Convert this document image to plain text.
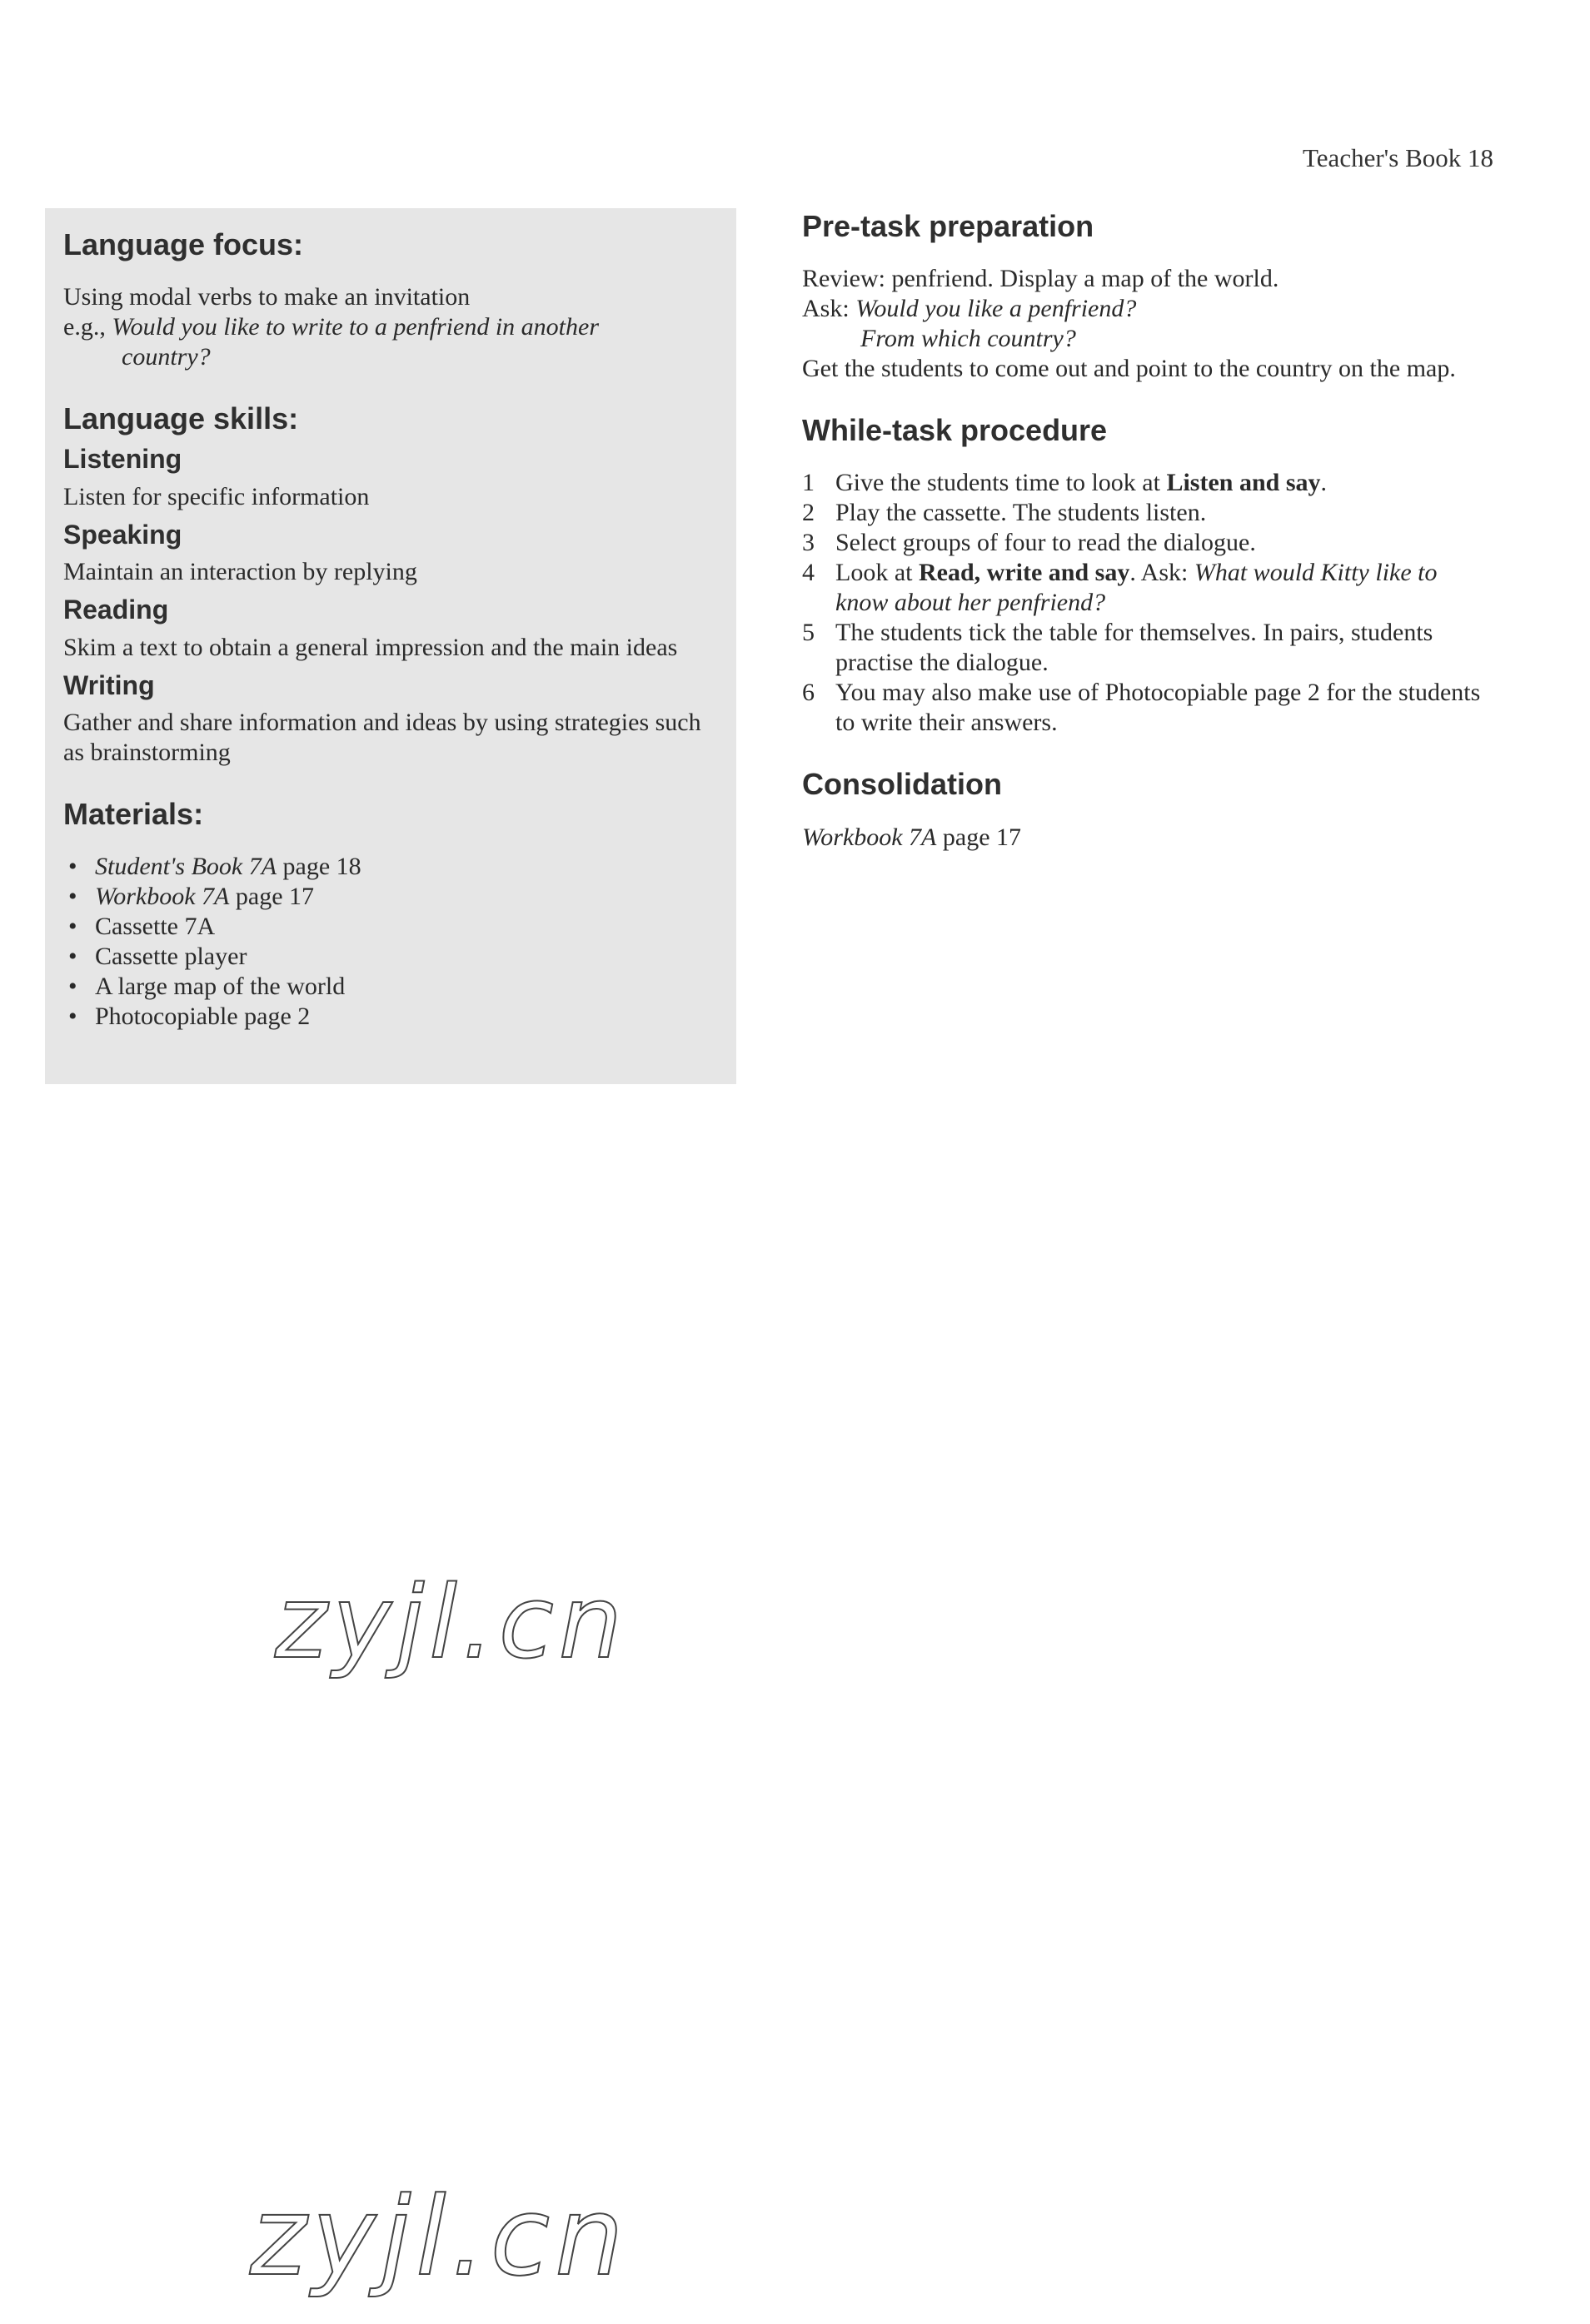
Teacher's Book 18
Language focus:

Using modal verbs to make an invitation

e.g., Would you like to write to a penfriend in another

country?

Language skills:
Listening

Listen for specific information

Speaking

Maintain an interaction by replying

Reading

Skim a text to obtain a general impression and the main ideas

Writing

Gather and share information and ideas by using strategies such as brainstorming

Materials:
• Student's Book 7A page 18
• Workbook 7A page 17
• Cassette 7A
• Cassette player
• A large map of the world
• Photocopiable page 2
Pre-task preparation

Review: penfriend. Display a map of the world.

Ask: Would you like a penfriend?

From which country?

Get the students to come out and point to the country on the map.

While-task procedure
1 Give the students time to look at Listen and say.
2 Play the cassette. The students listen.
3 Select groups of four to read the dialogue.
4 Look at Read, write and say. Ask: What would Kitty like to know about her penfriend?
5 The students tick the table for themselves. In pairs, students practise the dialogue.
6 You may also make use of Photocopiable page 2 for the students to write their answers.
Consolidation

Workbook 7A page 17

zyjl.cn
zyjl.cn
